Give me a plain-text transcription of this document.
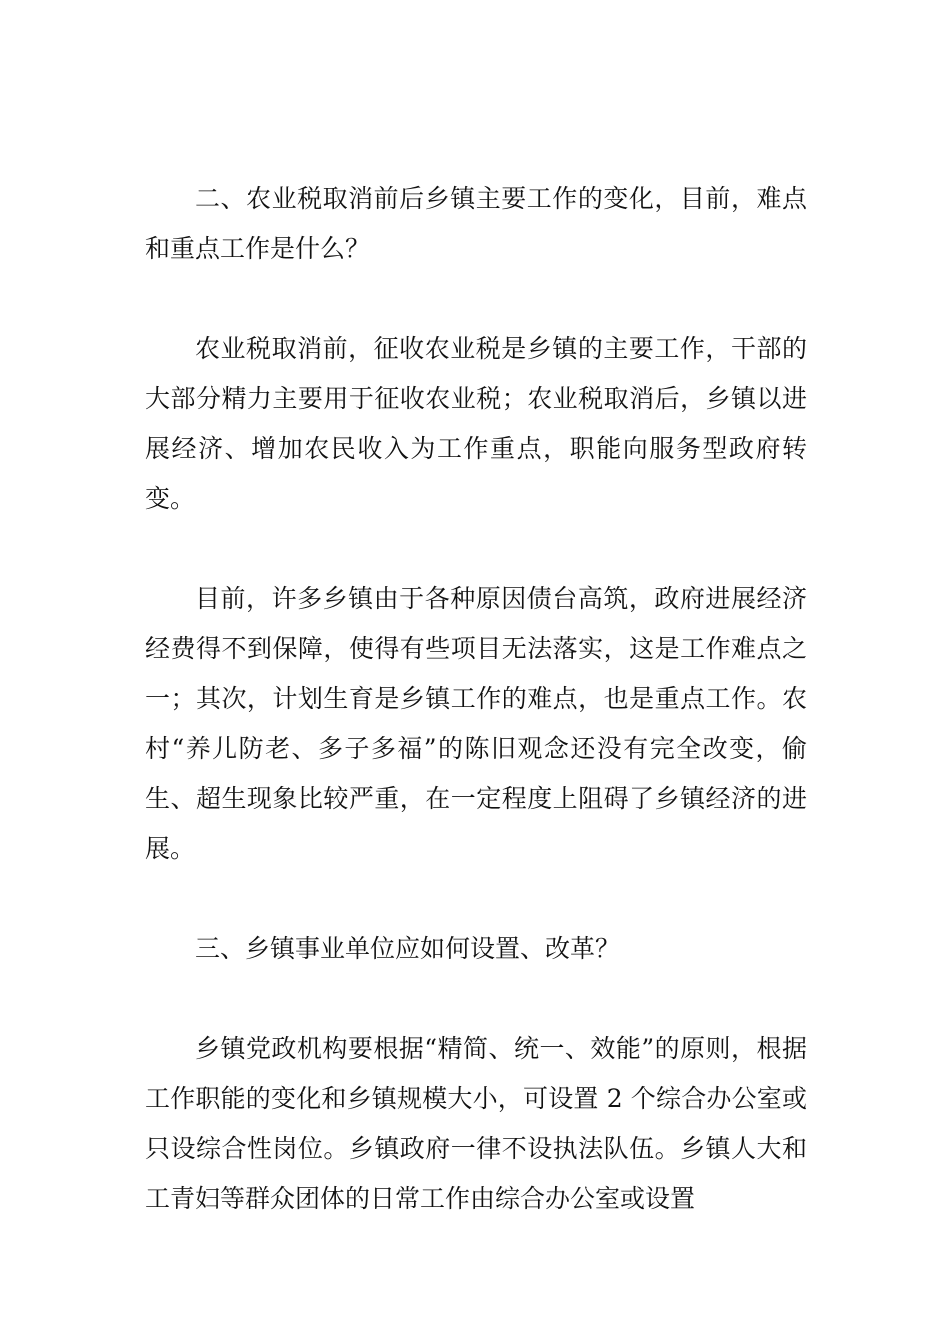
二、农业税取消前后乡镇主要工作的变化，目前，难点和重点工作是什么？

农业税取消前，征收农业税是乡镇的主要工作，干部的大部分精力主要用于征收农业税；农业税取消后，乡镇以进展经济、增加农民收入为工作重点，职能向服务型政府转变。

目前，许多乡镇由于各种原因债台高筑，政府进展经济经费得不到保障，使得有些项目无法落实，这是工作难点之一；其次，计划生育是乡镇工作的难点，也是重点工作。农村“养儿防老、多子多福”的陈旧观念还没有完全改变，偷生、超生现象比较严重，在一定程度上阻碍了乡镇经济的进展。

三、乡镇事业单位应如何设置、改革？

乡镇党政机构要根据“精简、统一、效能”的原则，根据工作职能的变化和乡镇规模大小，可设置 2 个综合办公室或只设综合性岗位。乡镇政府一律不设执法队伍。乡镇人大和工青妇等群众团体的日常工作由综合办公室或设置
